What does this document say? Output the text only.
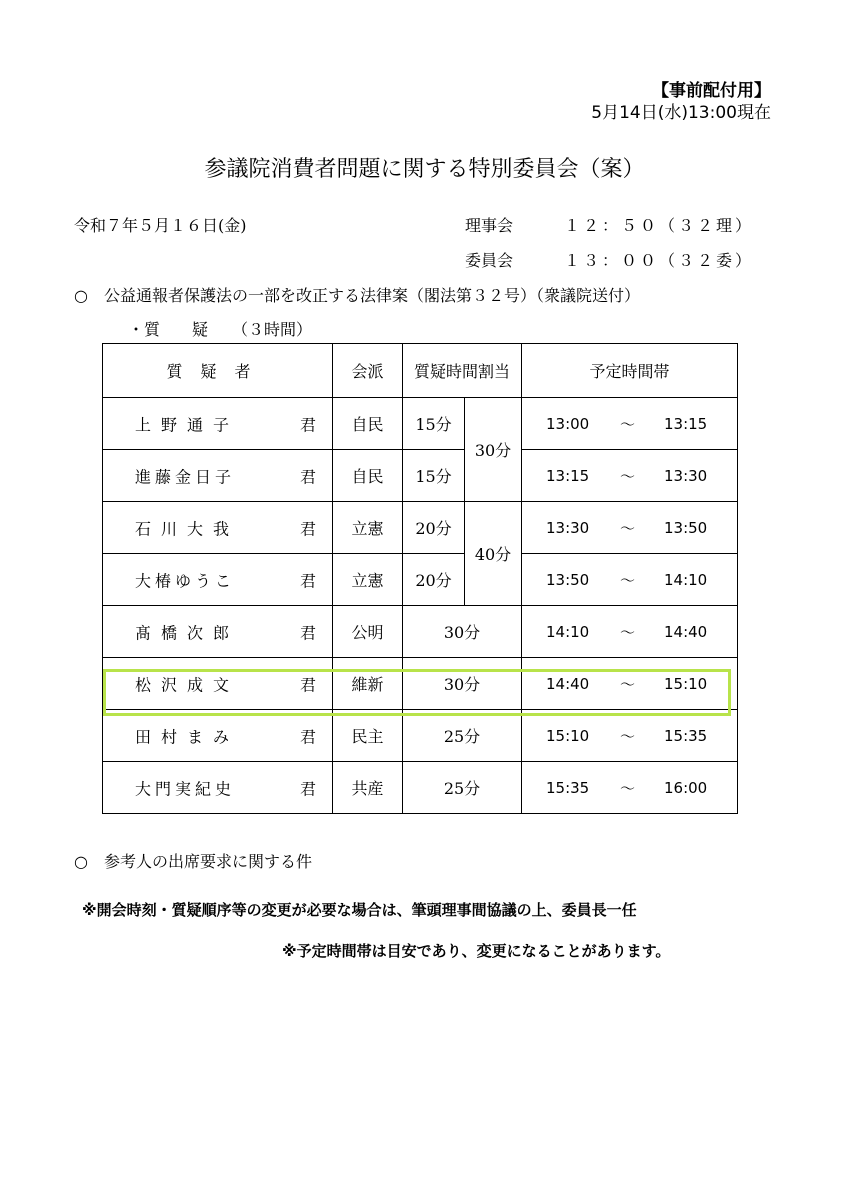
【事前配付用】
5月14日(水)13:00現在
参議院消費者問題に関する特別委員会（案）
令和７年５月１６日(金)	理事会	１２：５０（３２理）
委員会	１３：００（３２委）
○　公益通報者保護法の一部を改正する法律案（閣法第３２号）（衆議院送付）
・質　　疑　　（３時間）
質疑者	会派	質疑時間割当		予定時間帯

上野通子 君	自民	15分	30分	13:00 〜 13:15

進藤金日子 君	自民	15分		13:15 〜 13:30

石川大我 君	立憲	20分	40分	13:30 〜 13:50

大椿ゆうこ 君	立憲	20分		13:50 〜 14:10

髙橋次郎 君	公明	30分		14:10 〜 14:40

松沢成文 君	維新	30分		14:40 〜 15:10

田村まみ 君	民主	25分		15:10 〜 15:35

大門実紀史 君	共産	25分		15:35 〜 16:00
○　参考人の出席要求に関する件
※開会時刻・質疑順序等の変更が必要な場合は、筆頭理事間協議の上、委員長一任
※予定時間帯は目安であり、変更になることがあります。
